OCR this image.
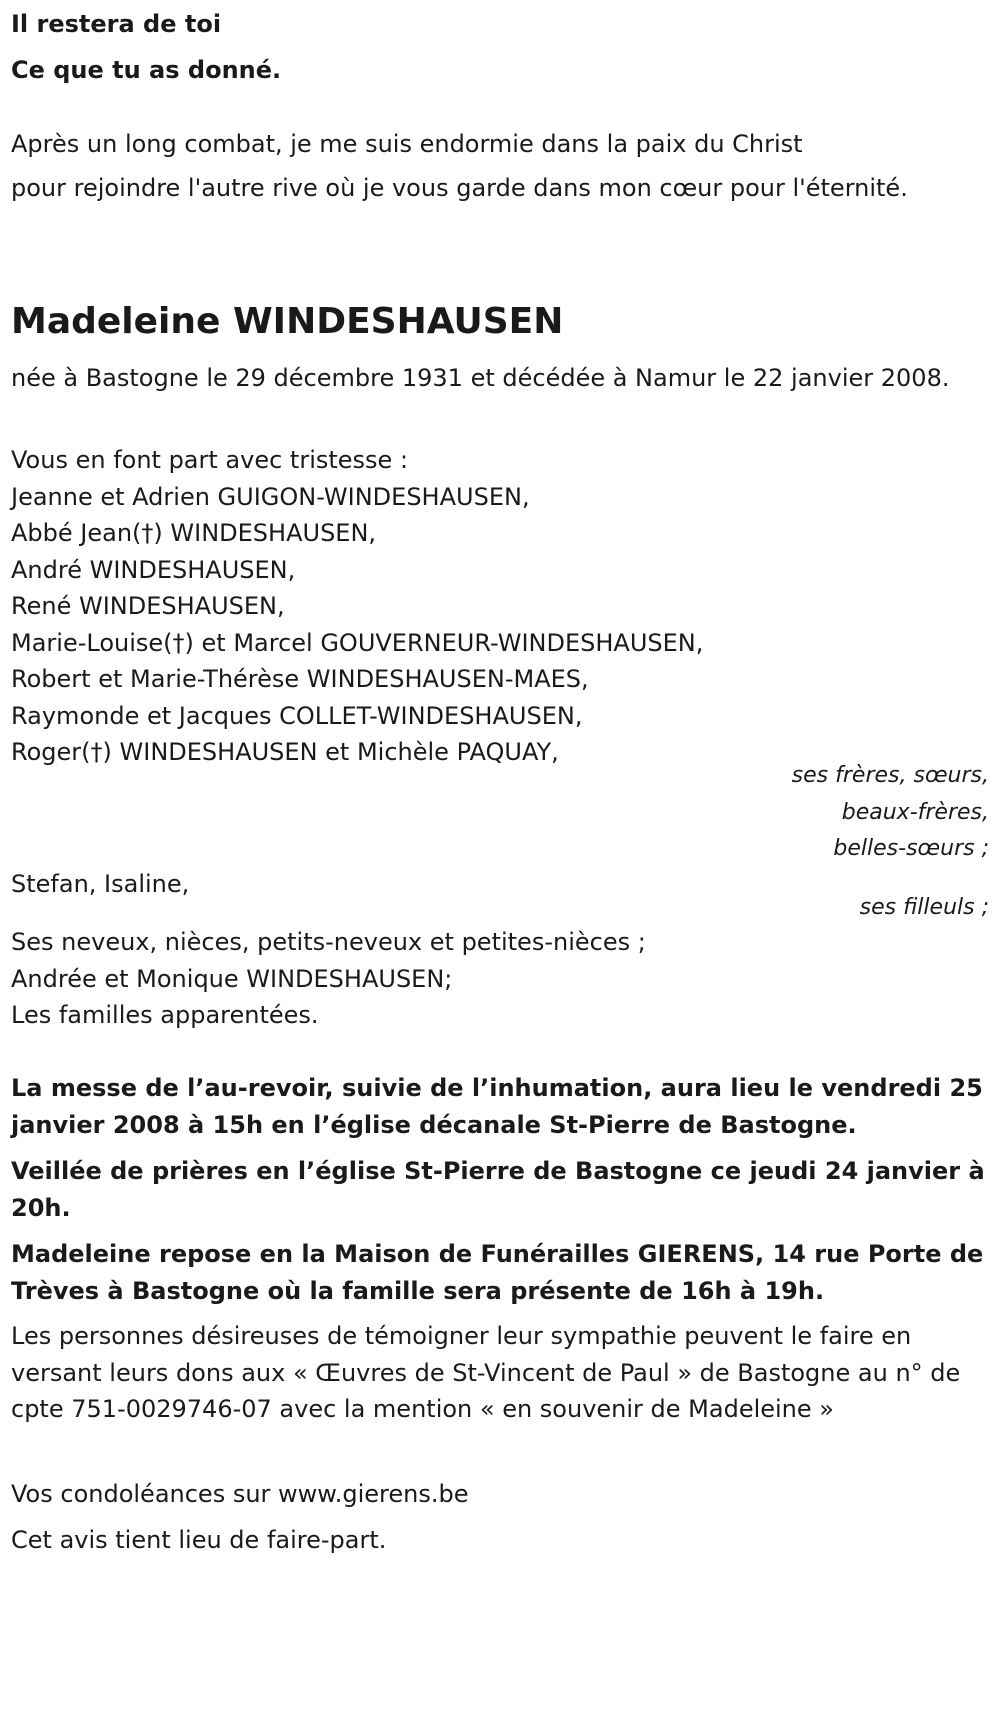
Il restera de toi
Ce que tu as donné.
Après un long combat, je me suis endormie dans la paix du Christ
pour rejoindre l'autre rive où je vous garde dans mon cœur pour l'éternité.
Madeleine WINDESHAUSEN
née à Bastogne le 29 décembre 1931 et décédée à Namur le 22 janvier 2008.
Vous en font part avec tristesse :
Jeanne et Adrien GUIGON-WINDESHAUSEN,
Abbé Jean(†) WINDESHAUSEN,
André WINDESHAUSEN,
René WINDESHAUSEN,
Marie-Louise(†) et Marcel GOUVERNEUR-WINDESHAUSEN,
Robert et Marie-Thérèse WINDESHAUSEN-MAES,
Raymonde et Jacques COLLET-WINDESHAUSEN,
Roger(†) WINDESHAUSEN et Michèle PAQUAY,
ses frères, sœurs,
beaux-frères,
belles-sœurs ;
Stefan, Isaline,
ses filleuls ;
Ses neveux, nièces, petits-neveux et petites-nièces ;
Andrée et Monique WINDESHAUSEN;
Les familles apparentées.
La messe de l’au-revoir, suivie de l’inhumation, aura lieu le vendredi 25 janvier 2008 à 15h en l’église décanale St-Pierre de Bastogne.
Veillée de prières en l’église St-Pierre de Bastogne ce jeudi 24 janvier à 20h.
Madeleine repose en la Maison de Funérailles GIERENS, 14 rue Porte de Trèves à Bastogne où la famille sera présente de 16h à 19h.
Les personnes désireuses de témoigner leur sympathie peuvent le faire en versant leurs dons aux « Œuvres de St-Vincent de Paul » de Bastogne au n° de cpte 751-0029746-07 avec la mention « en souvenir de Madeleine »
Vos condoléances sur www.gierens.be
Cet avis tient lieu de faire-part.
